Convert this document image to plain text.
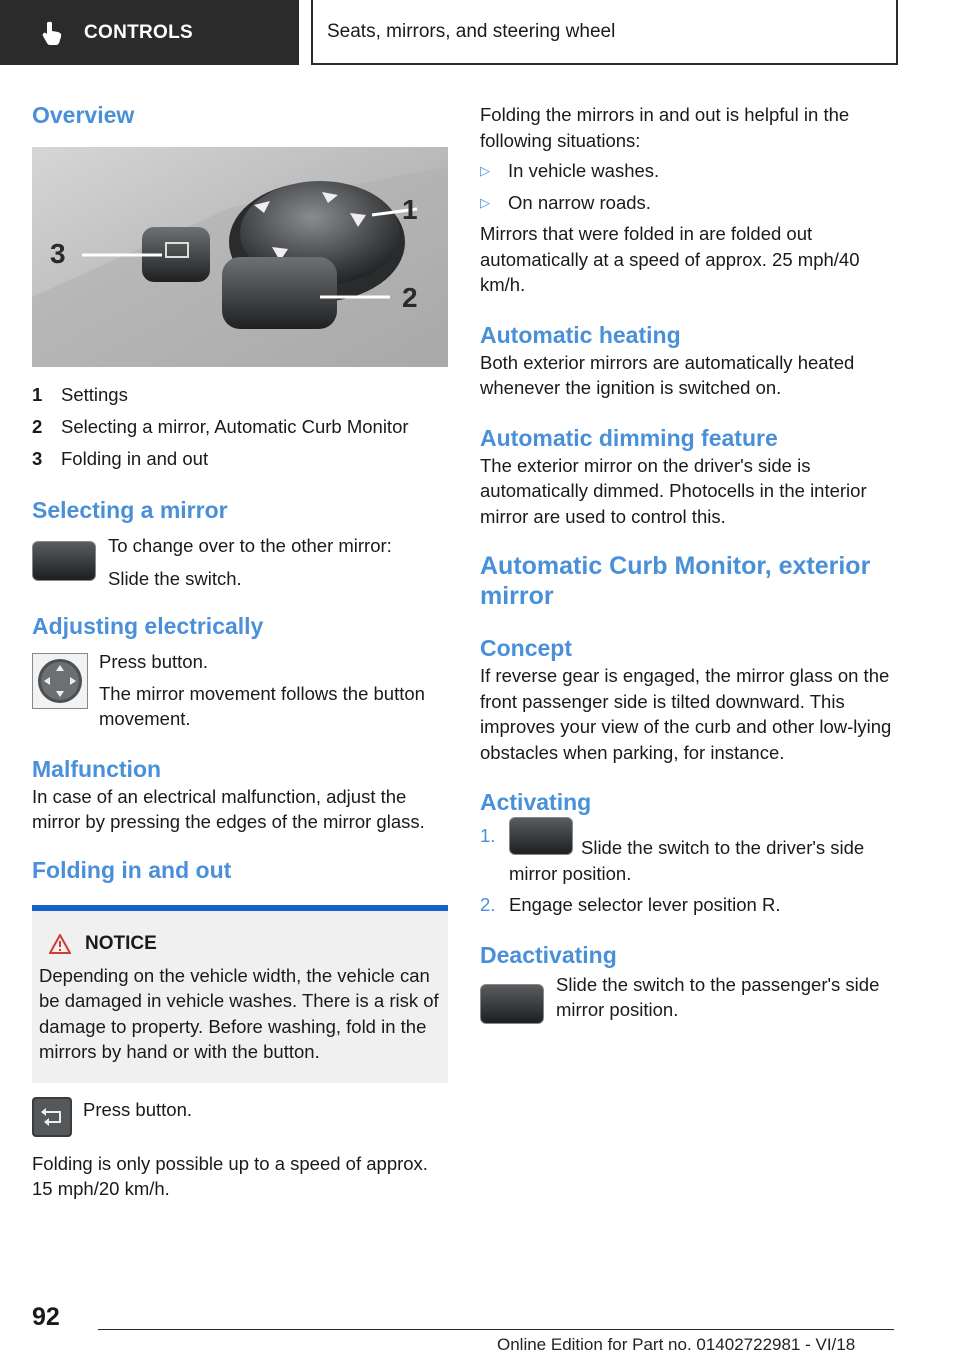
CONTROLS	Seats, mirrors, and steering wheel
Overview
1
2
3
1	Settings
2	Selecting a mirror, Automatic Curb Monitor
3	Folding in and out
Selecting a mirror

To change over to the other mirror:

Slide the switch.

Adjusting electrically

Press button.

The mirror movement follows the button movement.

Malfunction

In case of an electrical malfunction, adjust the mirror by pressing the edges of the mirror glass.

Folding in and out
NOTICE

Depending on the vehicle width, the vehicle can be damaged in vehicle washes. There is a risk of damage to property. Before washing, fold in the mirrors by hand or with the button.

Press button.

Folding is only possible up to a speed of approx. 15 mph/20 km/h.

Folding the mirrors in and out is helpful in the following situations:

▷ In vehicle washes.
▷ On narrow roads.

Mirrors that were folded in are folded out automatically at a speed of approx. 25 mph/40 km/h.

Automatic heating

Both exterior mirrors are automatically heated whenever the ignition is switched on.

Automatic dimming feature

The exterior mirror on the driver's side is automatically dimmed. Photocells in the interior mirror are used to control this.

Automatic Curb Monitor, exterior mirror
Concept

If reverse gear is engaged, the mirror glass on the front passenger side is tilted downward. This improves your view of the curb and other low-lying obstacles when parking, for instance.

Activating
1.

Slide the switch to the driver's side mirror position.

2. Engage selector lever position R.

Deactivating

Slide the switch to the passenger's side mirror position.

92
Online Edition for Part no. 01402722981 - VI/18
